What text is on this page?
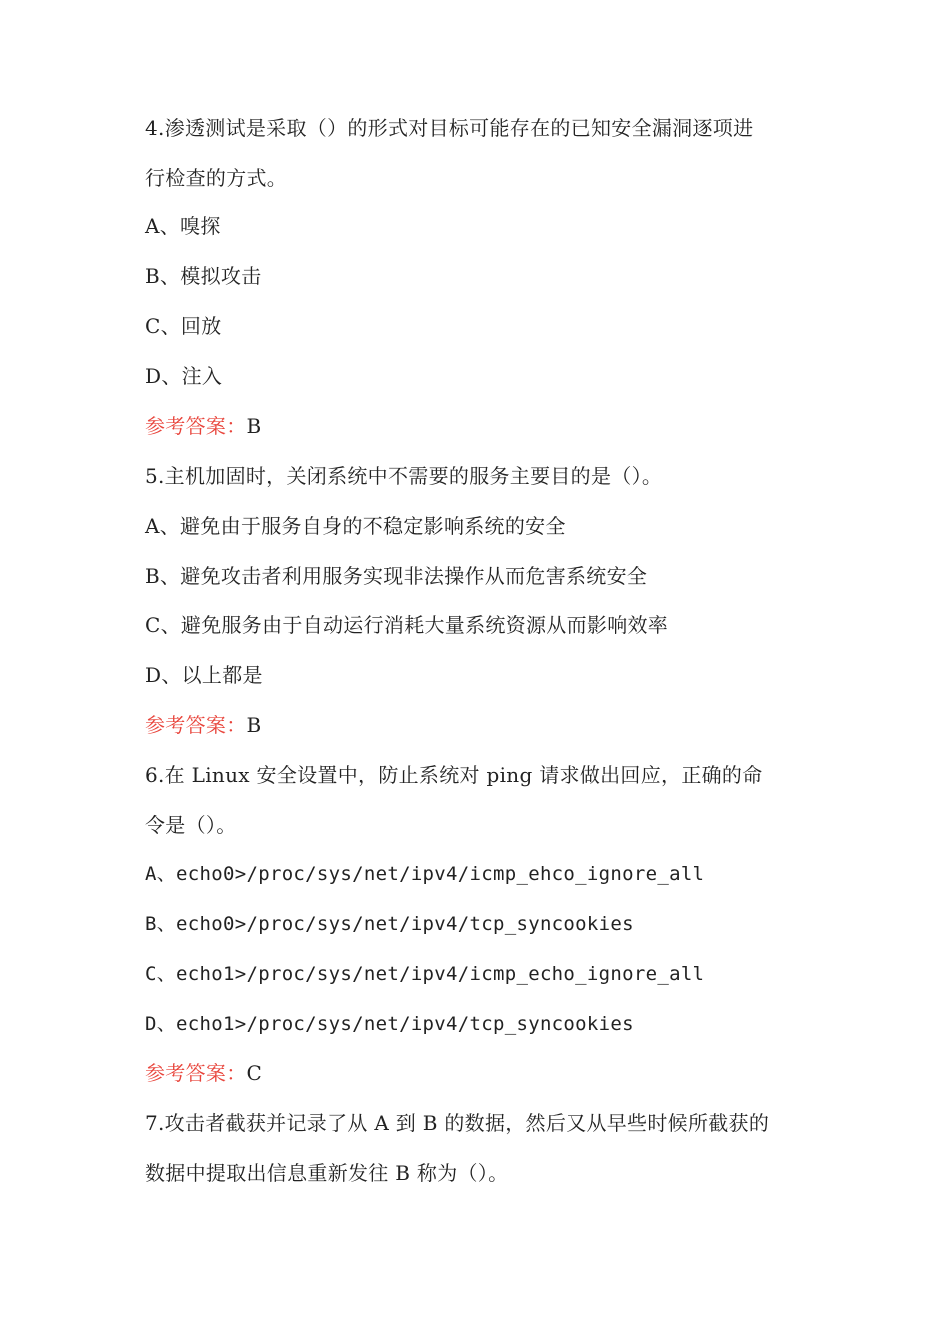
4.渗透测试是采取（）的形式对目标可能存在的已知安全漏洞逐项进
行检查的方式。
A、嗅探
B、模拟攻击
C、回放
D、注入
参考答案：B
5.主机加固时，关闭系统中不需要的服务主要目的是（）。
A、避免由于服务自身的不稳定影响系统的安全
B、避免攻击者利用服务实现非法操作从而危害系统安全
C、避免服务由于自动运行消耗大量系统资源从而影响效率
D、以上都是
参考答案：B
6.在 Linux 安全设置中，防止系统对 ping 请求做出回应，正确的命
令是（）。
A、echo0>/proc/sys/net/ipv4/icmp_ehco_ignore_all
B、echo0>/proc/sys/net/ipv4/tcp_syncookies
C、echo1>/proc/sys/net/ipv4/icmp_echo_ignore_all
D、echo1>/proc/sys/net/ipv4/tcp_syncookies
参考答案：C
7.攻击者截获并记录了从 A 到 B 的数据，然后又从早些时候所截获的
数据中提取出信息重新发往 B 称为（）。
